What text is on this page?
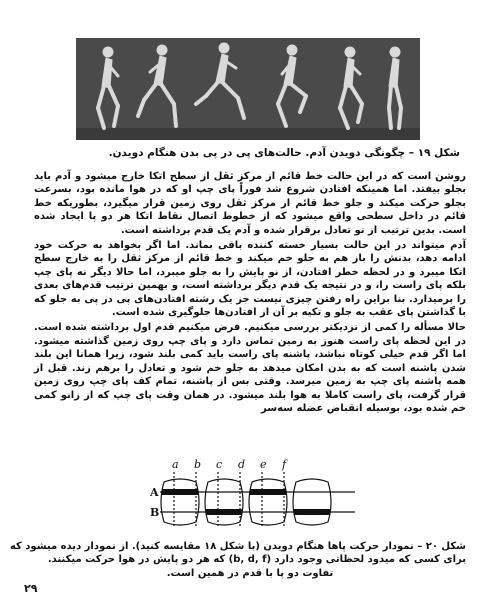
شکل ۱۹ – چگونگی دویدن آدم. حالت‌های پی در پی بدن هنگام دویدن.

روشن است که در این حالت خط قائم از مرکز ثقل از سطح اتکا خارج میشود و آدم باید بجلو بیفتد. اما همینکه افتادن شروع شد فوراً پای چپ او که در هوا مانده بود، بسرعت بجلو حرکت میکند و جلو خط قائم از مرکز ثقل روی زمین قرار میگیرد، بطوریکه خط قائم در داخل سطحی واقع میشود که از خطوط اتصال نقاط اتکا هر دو پا ایجاد شده است. بدین ترتیب از نو تعادل برقرار شده و آدم یک قدم برداشته است.

آدم میتواند در این حالت بسیار خسته کننده باقی بماند. اما اگر بخواهد به حرکت خود ادامه دهد، بدنش را باز هم به جلو خم میکند و خط قائم از مرکز ثقل را به خارج سطح اتکا میبرد و در لحظه خطر افتادن، از نو پایش را به جلو میبرد، اما حالا دیگر نه پای چپ بلکه پای راست را، و در نتیجه یک قدم دیگر برداشته است، و بهمین ترتیب قدم‌های بعدی را برمیدارد. بنا براین راه رفتن چیزی نیست جز یک رشته افتادن‌های پی در پی به جلو که با گذاشتن پای عقب به جلو و تکیه بر آن از افتادن‌ها جلوگیری شده است.

حالا مسأله را کمی از نزدیکتر بررسی میکنیم. فرض میکنیم قدم اول برداشته شده است. در این لحظه پای راست هنوز به زمین تماس دارد و پای چپ روی زمین گذاشته میشود. اما اگر قدم خیلی کوتاه نباشد، پاشنه پای راست باید کمی بلند شود، زیرا همانا این بلند شدن پاشنه است که به بدن امکان میدهد به جلو خم شود و تعادل را برهم زند. قبل از همه پاشنه پای چپ به زمین میرسد. وقتی بس از پاشنه، تمام کف پای چپ روی زمین قرار گرفت، پای راست کاملا به هوا بلند میشود. در همان وقت پای چپ که از زانو کمی خم شده بود، بوسیله انقباض عضله سه‌سر

a b c d e f
A
B
شکل ۲۰ – نمودار حرکت پاها هنگام دویدن (با شکل ۱۸ مقایسه کنید). از نمودار دیده میشود که
برای کسی که میدود لحظاتی وجود دارد (b, d, f) که هر دو پایش در هوا حرکت میکنند.
تفاوت دو پا با قدم در همین است.
۲۹
